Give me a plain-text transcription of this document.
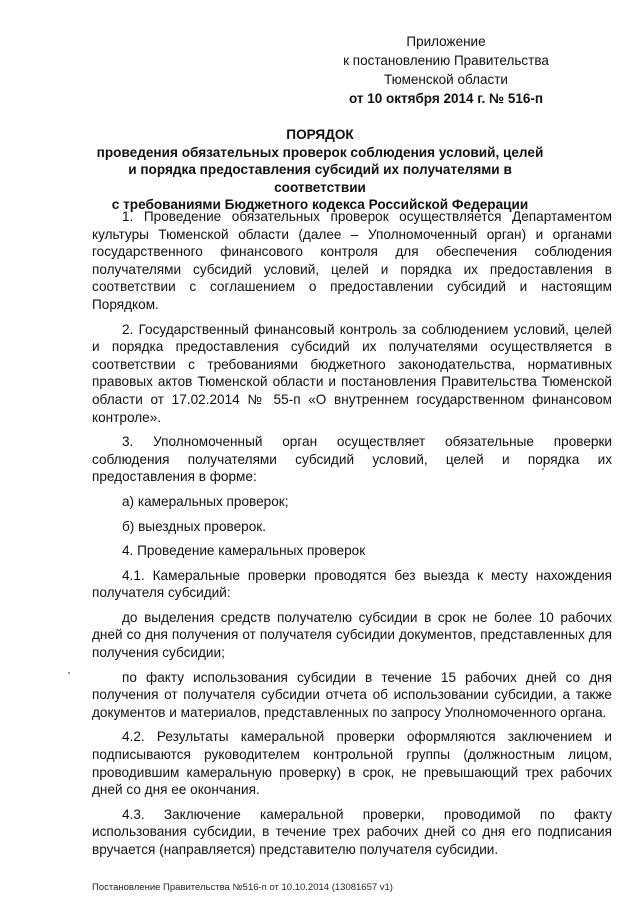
Приложение
к постановлению Правительства
Тюменской области
от 10 октября 2014 г. № 516-п
ПОРЯДОК
проведения обязательных проверок соблюдения условий, целей
и порядка предоставления субсидий их получателями в соответствии
с требованиями Бюджетного кодекса Российской Федерации

1. Проведение обязательных проверок осуществляется Департаментом культуры Тюменской области (далее – Уполномоченный орган) и органами государственного финансового контроля для обеспечения соблюдения получателями субсидий условий, целей и порядка их предоставления в соответствии с соглашением о предоставлении субсидий и настоящим Порядком.

2. Государственный финансовый контроль за соблюдением условий, целей и порядка предоставления субсидий их получателями осуществляется в соответствии с требованиями бюджетного законодательства, нормативных правовых актов Тюменской области и постановления Правительства Тюменской области от 17.02.2014 № 55-п «О внутреннем государственном финансовом контроле».

3. Уполномоченный орган осуществляет обязательные проверки соблюдения получателями субсидий условий, целей и порядка их предоставления в форме:

а) камеральных проверок;

б) выездных проверок.

4. Проведение камеральных проверок

4.1. Камеральные проверки проводятся без выезда к месту нахождения получателя субсидий:

до выделения средств получателю субсидии в срок не более 10 рабочих дней со дня получения от получателя субсидии документов, представленных для получения субсидии;

по факту использования субсидии в течение 15 рабочих дней со дня получения от получателя субсидии отчета об использовании субсидии, а также документов и материалов, представленных по запросу Уполномоченного органа.

4.2. Результаты камеральной проверки оформляются заключением и подписываются руководителем контрольной группы (должностным лицом, проводившим камеральную проверку) в срок, не превышающий трех рабочих дней со дня ее окончания.

4.3. Заключение камеральной проверки, проводимой по факту использования субсидии, в течение трех рабочих дней со дня его подписания вручается (направляется) представителю получателя субсидии.

Постановление Правительства №516-п от 10.10.2014 (13081657 v1)
